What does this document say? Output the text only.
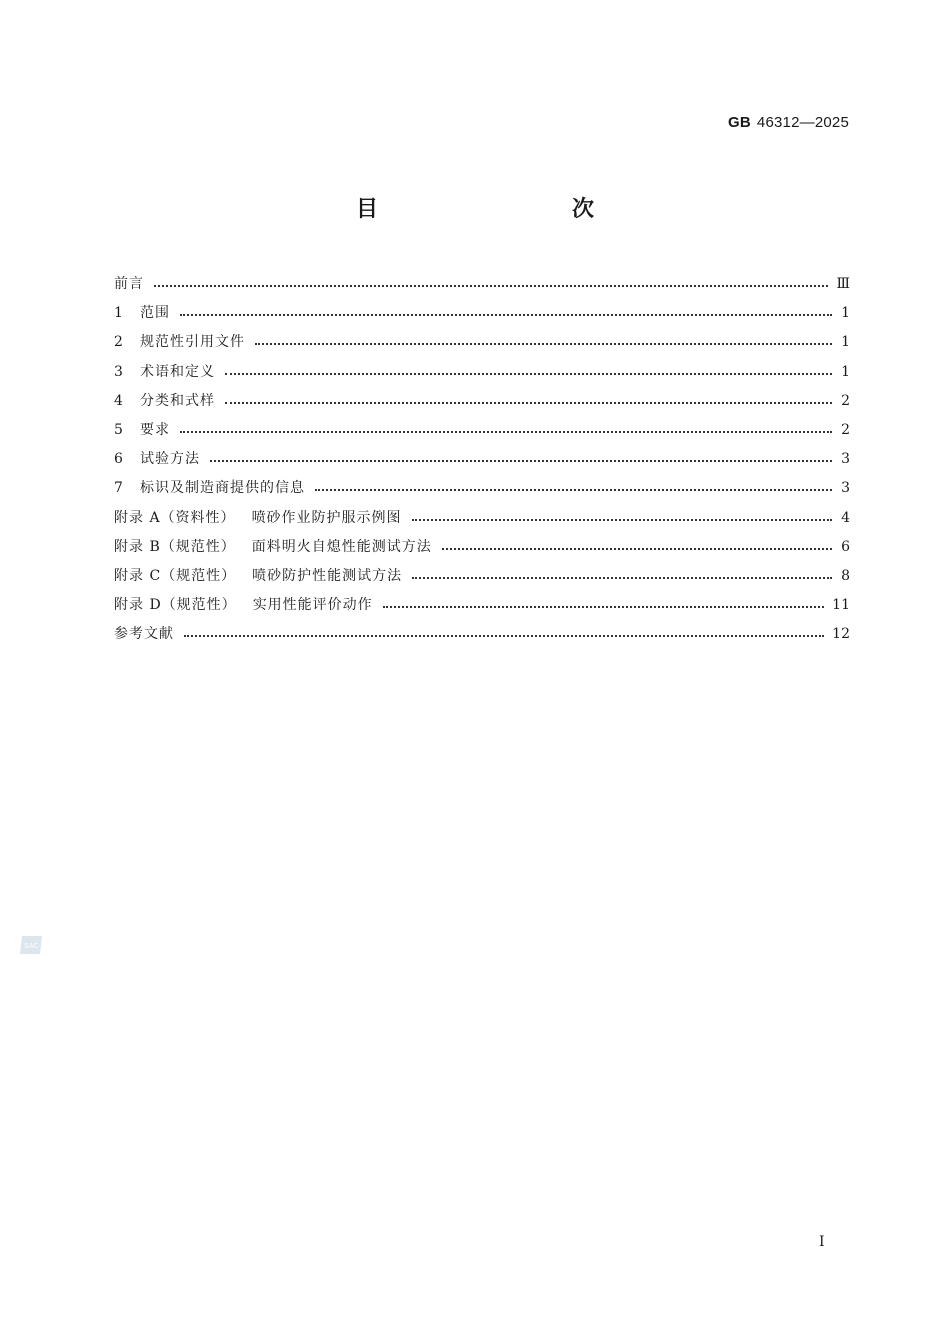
GB 46312—2025
目　　次
前言	Ⅲ
1	范围	1
2	规范性引用文件	1
3	术语和定义	1
4	分类和式样	2
5	要求	2
6	试验方法	3
7	标识及制造商提供的信息	3
附录 A（资料性） 喷砂作业防护服示例图	4
附录 B（规范性） 面料明火自熄性能测试方法	6
附录 C（规范性） 喷砂防护性能测试方法	8
附录 D（规范性） 实用性能评价动作	11
参考文献	12
SAC
Ⅰ
